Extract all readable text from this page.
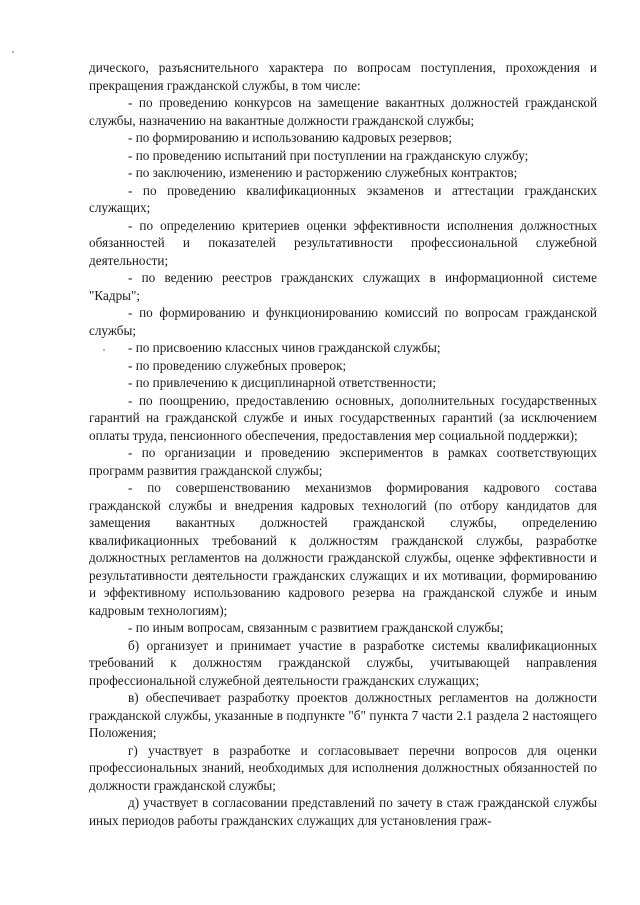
дического, разъяснительного характера по вопросам поступления, прохождения и прекращения гражданской службы, в том числе:

- по проведению конкурсов на замещение вакантных должностей гражданской службы, назначению на вакантные должности гражданской службы;

- по формированию и использованию кадровых резервов;

- по проведению испытаний при поступлении на гражданскую службу;

- по заключению, изменению и расторжению служебных контрактов;

- по проведению квалификационных экзаменов и аттестации гражданских служащих;

- по определению критериев оценки эффективности исполнения должностных обязанностей и показателей результативности профессиональной служебной деятельности;

- по ведению реестров гражданских служащих в информационной системе "Кадры";

- по формированию и функционированию комиссий по вопросам гражданской службы;

- по присвоению классных чинов гражданской службы;

- по проведению служебных проверок;

- по привлечению к дисциплинарной ответственности;

- по поощрению, предоставлению основных, дополнительных государственных гарантий на гражданской службе и иных государственных гарантий (за исключением оплаты труда, пенсионного обеспечения, предоставления мер социальной поддержки);

- по организации и проведению экспериментов в рамках соответствующих программ развития гражданской службы;

- по совершенствованию механизмов формирования кадрового состава гражданской службы и внедрения кадровых технологий (по отбору кандидатов для замещения вакантных должностей гражданской службы, определению квалификационных требований к должностям гражданской службы, разработке должностных регламентов на должности гражданской службы, оценке эффективности и результативности деятельности гражданских служащих и их мотивации, формированию и эффективному использованию кадрового резерва на гражданской службе и иным кадровым технологиям);

- по иным вопросам, связанным с развитием гражданской службы;

б) организует и принимает участие в разработке системы квалификационных требований к должностям гражданской службы, учитывающей направления профессиональной служебной деятельности гражданских служащих;

в) обеспечивает разработку проектов должностных регламентов на должности гражданской службы, указанные в подпункте "б" пункта 7 части 2.1 раздела 2 настоящего Положения;

г) участвует в разработке и согласовывает перечни вопросов для оценки профессиональных знаний, необходимых для исполнения должностных обязанностей по должности гражданской службы;

д) участвует в согласовании представлений по зачету в стаж гражданской службы иных периодов работы гражданских служащих для установления граж-
